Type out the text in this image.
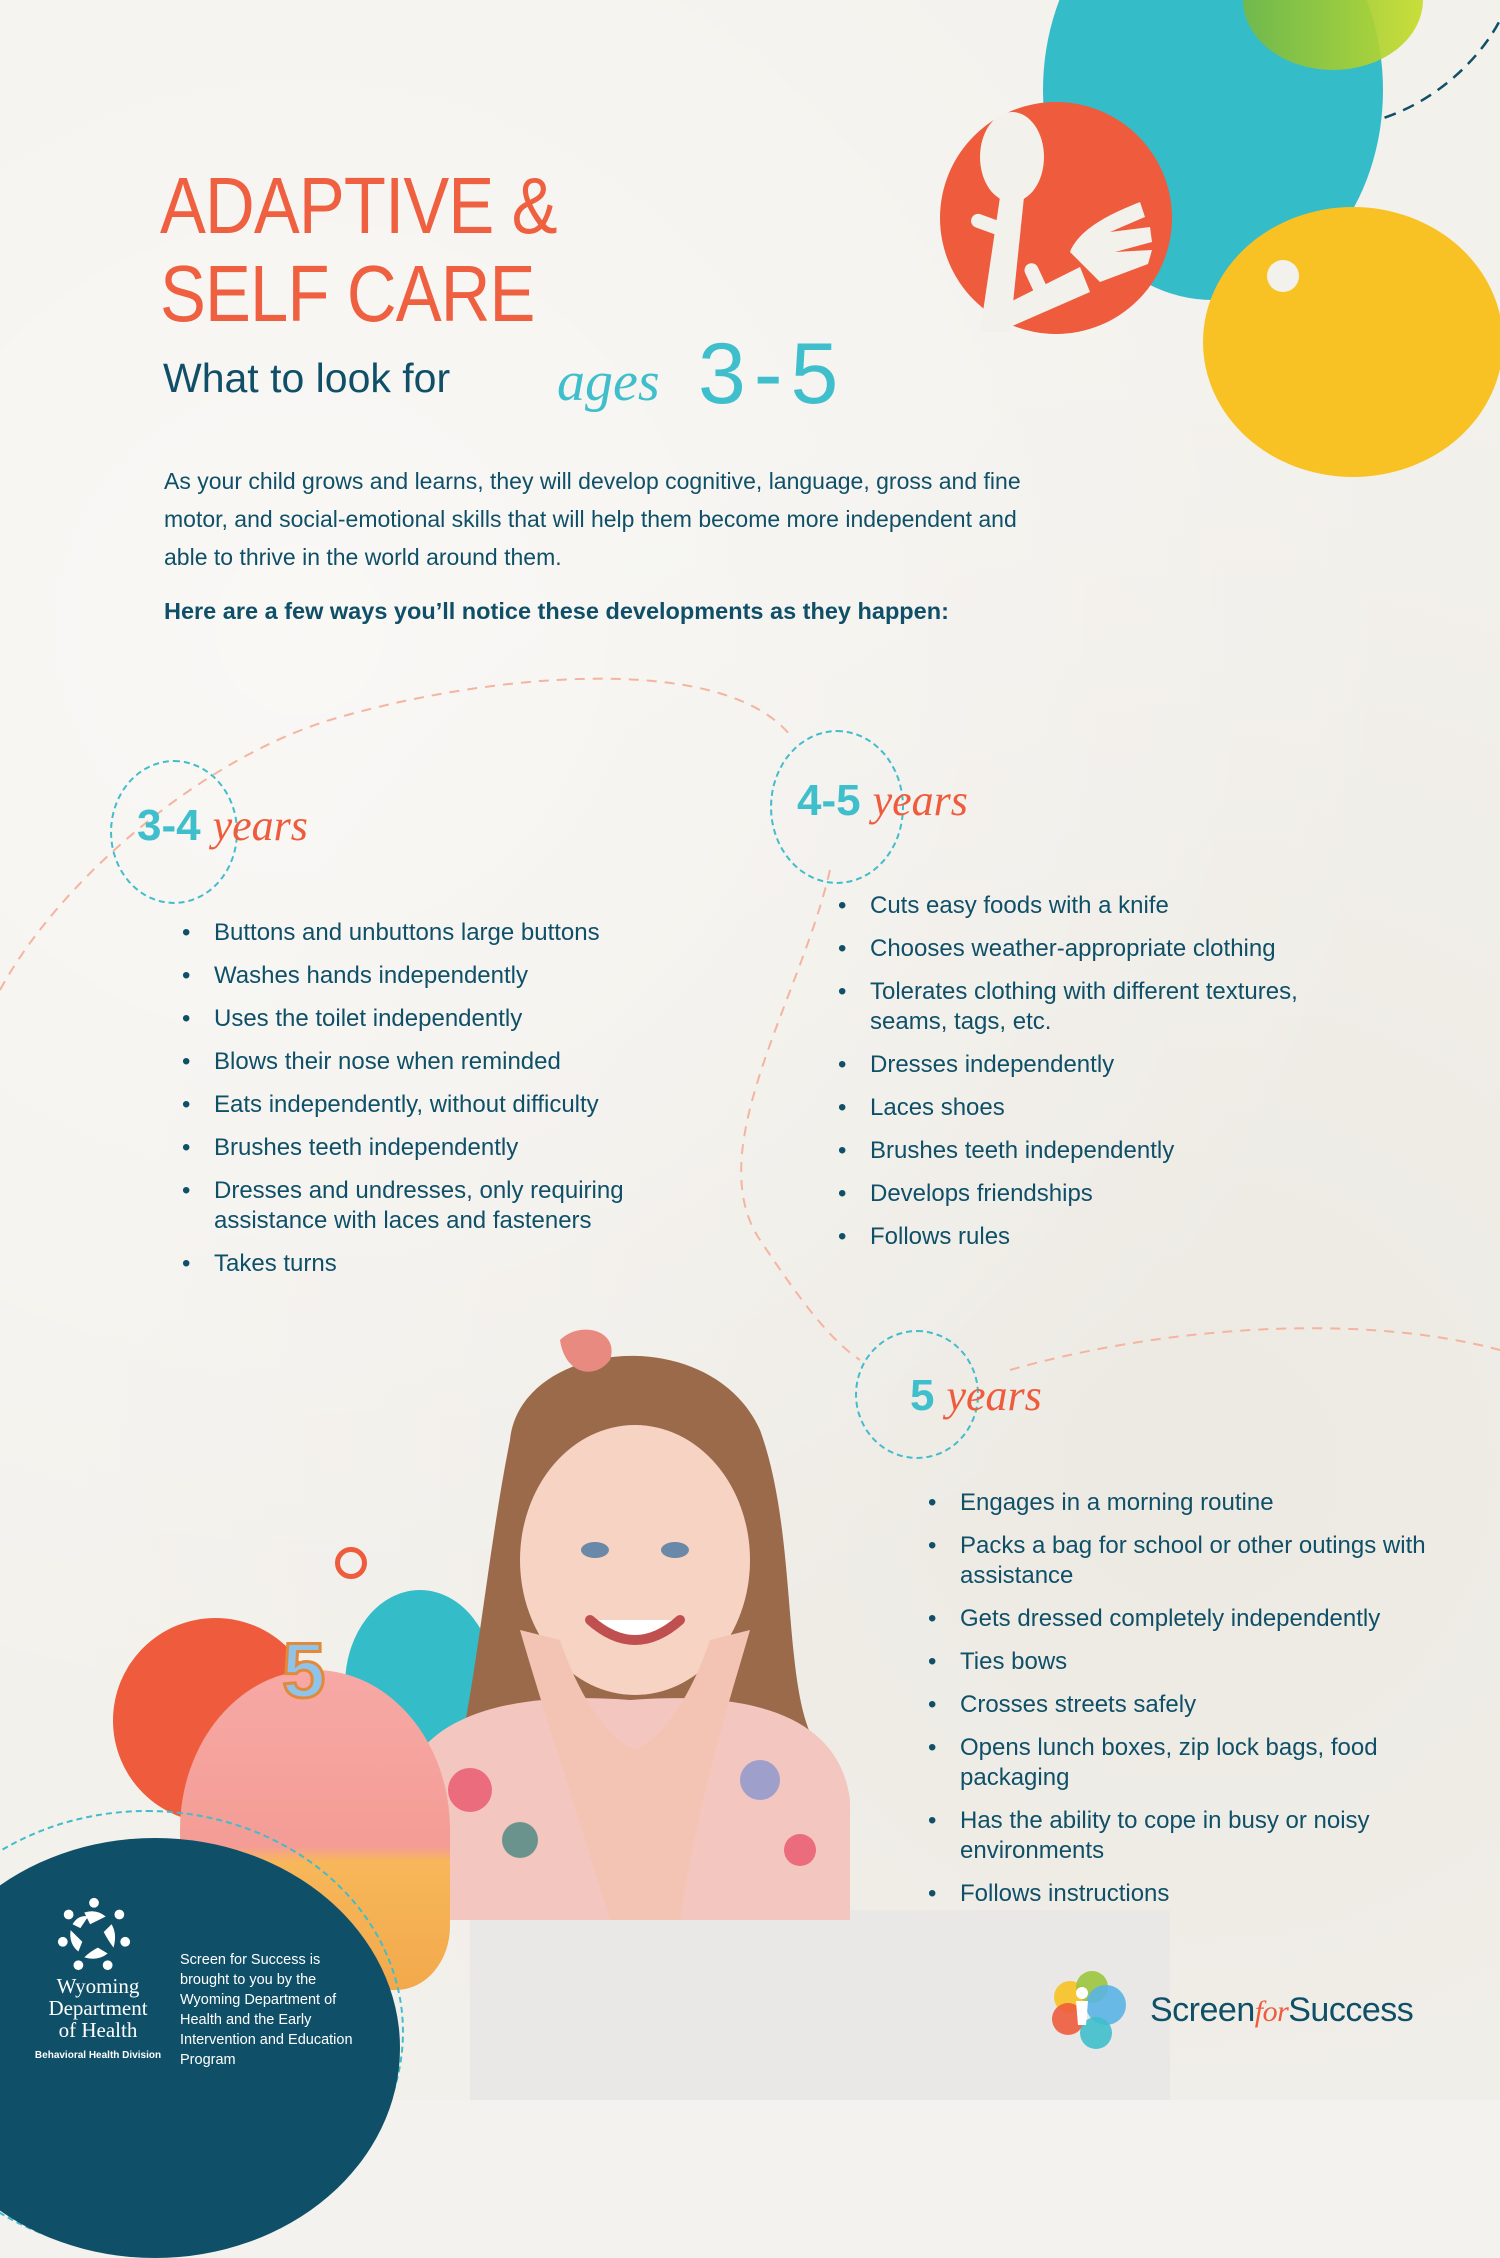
ADAPTIVE &
SELF CARE
What to look for ages 3-5
As your child grows and learns, they will develop cognitive, language, gross and fine motor, and social-emotional skills that will help them become more independent and able to thrive in the world around them.
Here are a few ways you’ll notice these developments as they happen:
3-4 years
• Buttons and unbuttons large buttons
• Washes hands independently
• Uses the toilet independently
• Blows their nose when reminded
• Eats independently, without difficulty
• Brushes teeth independently
• Dresses and undresses, only requiring assistance with laces and fasteners
• Takes turns
4-5 years
• Cuts easy foods with a knife
• Chooses weather-appropriate clothing
• Tolerates clothing with different textures, seams, tags, etc.
• Dresses independently
• Laces shoes
• Brushes teeth independently
• Develops friendships
• Follows rules
5 years
• Engages in a morning routine
• Packs a bag for school or other outings with assistance
• Gets dressed completely independently
• Ties bows
• Crosses streets safely
• Opens lunch boxes, zip lock bags, food packaging
• Has the ability to cope in busy or noisy environments
• Follows instructions
5
Wyoming
Department
of Health
Behavioral Health Division
Screen for Success is brought to you by the Wyoming Department of Health and the Early Intervention and Education Program
ScreenforSuccess
